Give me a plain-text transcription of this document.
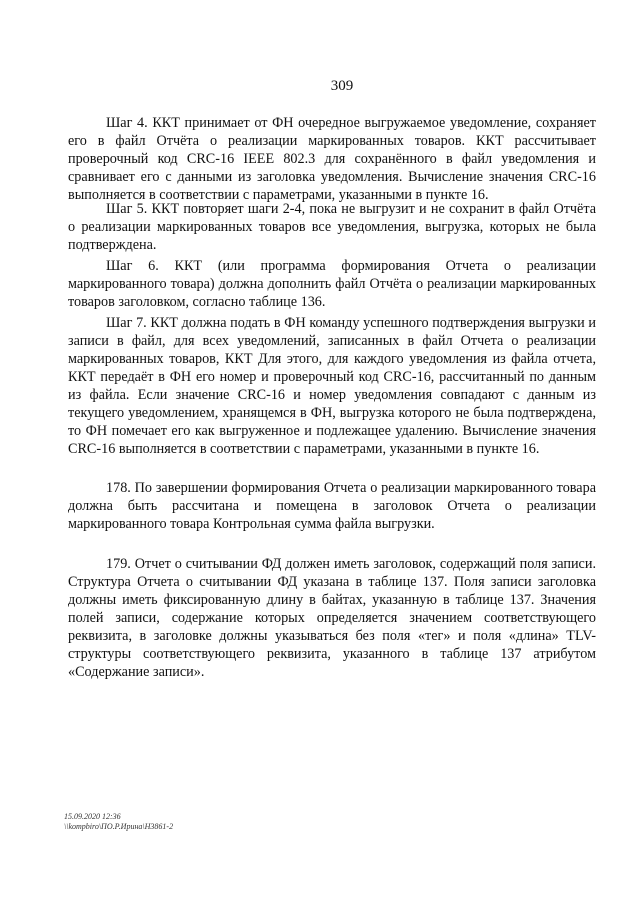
309

Шаг 4. ККТ принимает от ФН очередное выгружаемое уведомление, сохраняет его в файл Отчёта о реализации маркированных товаров. ККТ рассчитывает проверочный код CRC-16 IEEE 802.3 для сохранённого в файл уведомления и сравнивает его с данными из заголовка уведомления. Вычисление значения CRC-16 выполняется в соответствии с параметрами, указанными в пункте 16.

Шаг 5. ККТ повторяет шаги 2-4, пока не выгрузит и не сохранит в файл Отчёта о реализации маркированных товаров все уведомления, выгрузка, которых не была подтверждена.

Шаг 6. ККТ (или программа формирования Отчета о реализации маркированного товара) должна дополнить файл Отчёта о реализации маркированных товаров заголовком, согласно таблице 136.

Шаг 7. ККТ должна подать в ФН команду успешного подтверждения выгрузки и записи в файл, для всех уведомлений, записанных в файл Отчета о реализации маркированных товаров, ККТ Для этого, для каждого уведомления из файла отчета, ККТ передаёт в ФН его номер и проверочный код CRC-16, рассчитанный по данным из файла. Если значение CRC-16 и номер уведомления совпадают с данным из текущего уведомлением, хранящемся в ФН, выгрузка которого не была подтверждена, то ФН помечает его как выгруженное и подлежащее удалению. Вычисление значения CRC-16 выполняется в соответствии с параметрами, указанными в пункте 16.

178. По завершении формирования Отчета о реализации маркированного товара должна быть рассчитана и помещена в заголовок Отчета о реализации маркированного товара Контрольная сумма файла выгрузки.

179. Отчет о считывании ФД должен иметь заголовок, содержащий поля записи. Структура Отчета о считывании ФД указана в таблице 137. Поля записи заголовка должны иметь фиксированную длину в байтах, указанную в таблице 137. Значения полей записи, содержание которых определяется значением соответствующего реквизита, в заголовке должны указываться без поля «тег» и поля «длина» TLV-структуры соответствующего реквизита, указанного в таблице 137 атрибутом «Содержание записи».

15.09.2020 12:36
\\kompbiro\ПО.Р.Ирина\Н3861-2
